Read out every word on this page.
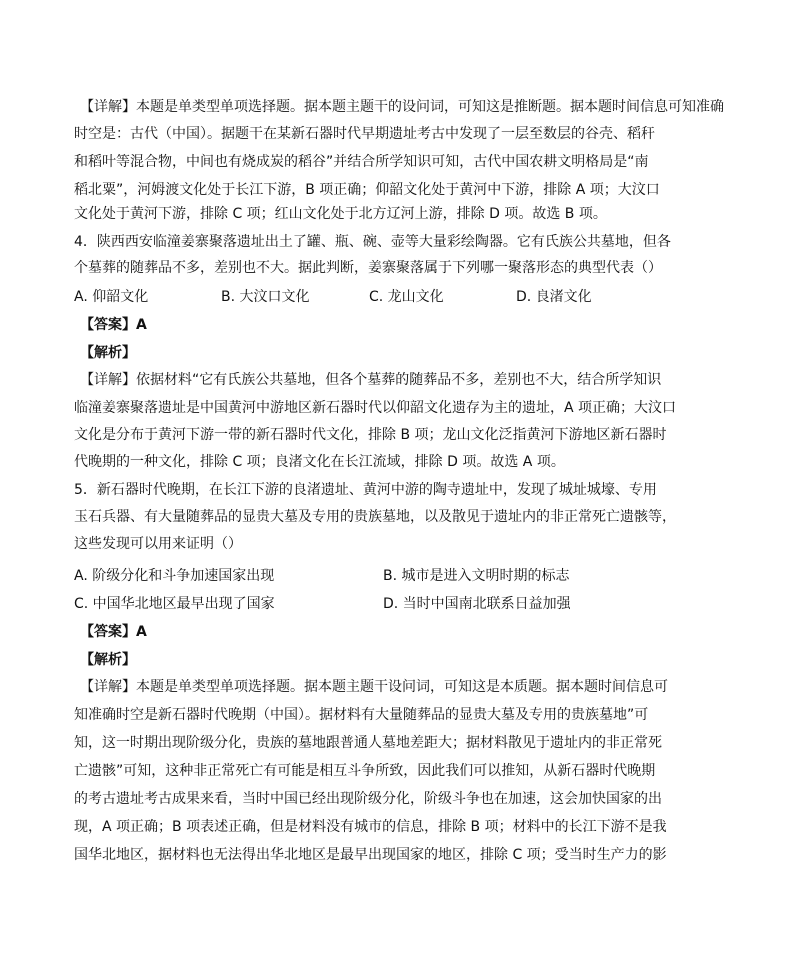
【详解】本题是单类型单项选择题。据本题主题干的设问词，可知这是推断题。据本题时间信息可知准确
时空是：古代（中国）。据题干在某新石器时代早期遗址考古中发现了一层至数层的谷壳、稻秆
和稻叶等混合物，中间也有烧成炭的稻谷”并结合所学知识可知，古代中国农耕文明格局是“南
稻北粟”，河姆渡文化处于长江下游，B 项正确；仰韶文化处于黄河中下游，排除 A 项；大汶口
文化处于黄河下游，排除 C 项；红山文化处于北方辽河上游，排除 D 项。故选 B 项。
4．陕西西安临潼姜寨聚落遗址出土了罐、瓶、碗、壶等大量彩绘陶器。它有氏族公共墓地，但各
个墓葬的随葬品不多，差别也不大。据此判断，姜寨聚落属于下列哪一聚落形态的典型代表（）
A. 仰韶文化	B. 大汶口文化	C. 龙山文化	D. 良渚文化
【答案】A
【解析】
【详解】依据材料“它有氏族公共墓地，但各个墓葬的随葬品不多，差别也不大，结合所学知识
临潼姜寨聚落遗址是中国黄河中游地区新石器时代以仰韶文化遗存为主的遗址，A 项正确；大汶口
文化是分布于黄河下游一带的新石器时代文化，排除 B 项；龙山文化泛指黄河下游地区新石器时
代晚期的一种文化，排除 C 项；良渚文化在长江流域，排除 D 项。故选 A 项。
5．新石器时代晚期，在长江下游的良渚遗址、黄河中游的陶寺遗址中，发现了城址城壕、专用
玉石兵器、有大量随葬品的显贵大墓及专用的贵族墓地，以及散见于遗址内的非正常死亡遗骸等，
这些发现可以用来证明（）
A. 阶级分化和斗争加速国家出现	B. 城市是进入文明时期的标志
C. 中国华北地区最早出现了国家	D. 当时中国南北联系日益加强
【答案】A
【解析】
【详解】本题是单类型单项选择题。据本题主题干设问词，可知这是本质题。据本题时间信息可
知准确时空是新石器时代晚期（中国）。据材料有大量随葬品的显贵大墓及专用的贵族墓地”可
知，这一时期出现阶级分化，贵族的墓地跟普通人墓地差距大；据材料散见于遗址内的非正常死
亡遗骸”可知，这种非正常死亡有可能是相互斗争所致，因此我们可以推知，从新石器时代晚期
的考古遗址考古成果来看，当时中国已经出现阶级分化，阶级斗争也在加速，这会加快国家的出
现，A 项正确；B 项表述正确，但是材料没有城市的信息，排除 B 项；材料中的长江下游不是我
国华北地区，据材料也无法得出华北地区是最早出现国家的地区，排除 C 项；受当时生产力的影
